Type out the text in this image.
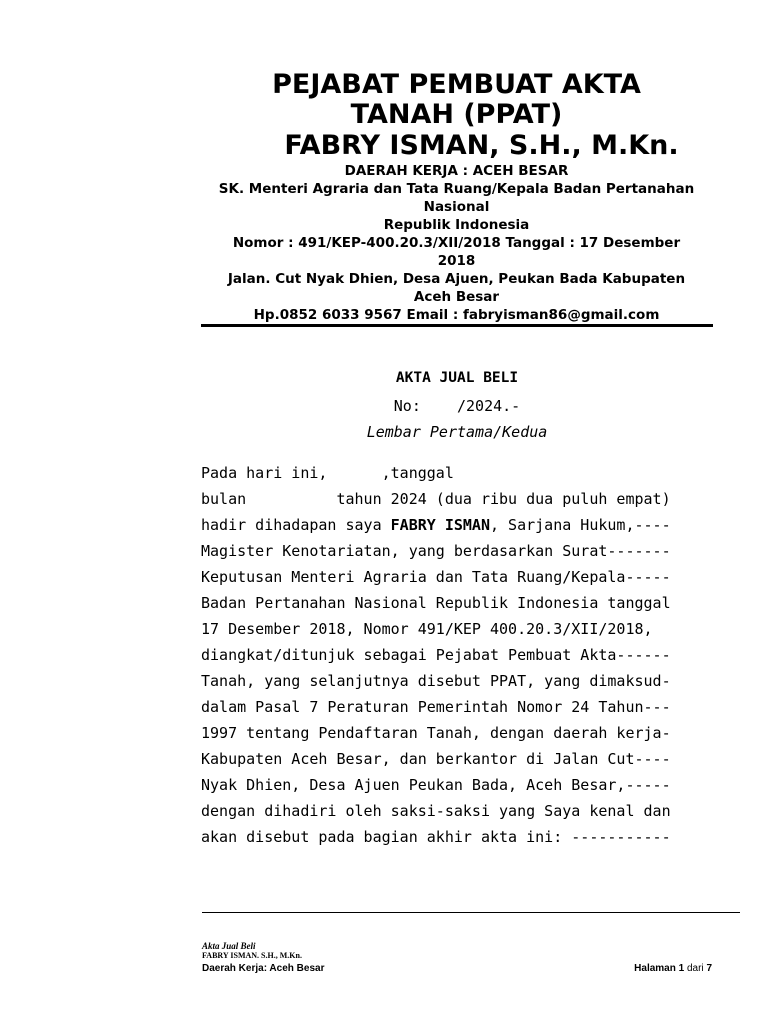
PEJABAT PEMBUAT AKTA
TANAH (PPAT)
FABRY ISMAN, S.H., M.Kn.
DAERAH KERJA : ACEH BESAR
SK. Menteri Agraria dan Tata Ruang/Kepala Badan Pertanahan
Nasional
Republik Indonesia
Nomor : 491/KEP-400.20.3/XII/2018 Tanggal : 17 Desember
2018
Jalan. Cut Nyak Dhien, Desa Ajuen, Peukan Bada Kabupaten
Aceh Besar
Hp.0852 6033 9567 Email : fabryisman86@gmail.com
AKTA JUAL BELI
No:    /2024.-
Lembar Pertama/Kedua
Pada hari ini,      ,tanggal
bulan          tahun 2024 (dua ribu dua puluh empat)
hadir dihadapan saya FABRY ISMAN, Sarjana Hukum,----
Magister Kenotariatan, yang berdasarkan Surat-------
Keputusan Menteri Agraria dan Tata Ruang/Kepala-----
Badan Pertanahan Nasional Republik Indonesia tanggal
17 Desember 2018, Nomor 491/KEP 400.20.3/XII/2018,
diangkat/ditunjuk sebagai Pejabat Pembuat Akta------
Tanah, yang selanjutnya disebut PPAT, yang dimaksud-
dalam Pasal 7 Peraturan Pemerintah Nomor 24 Tahun---
1997 tentang Pendaftaran Tanah, dengan daerah kerja-
Kabupaten Aceh Besar, dan berkantor di Jalan Cut----
Nyak Dhien, Desa Ajuen Peukan Bada, Aceh Besar,-----
dengan dihadiri oleh saksi-saksi yang Saya kenal dan
akan disebut pada bagian akhir akta ini: -----------
Akta Jual Beli
FABRY ISMAN. S.H., M.Kn.
Daerah Kerja: Aceh Besar	Halaman 1 dari 7
